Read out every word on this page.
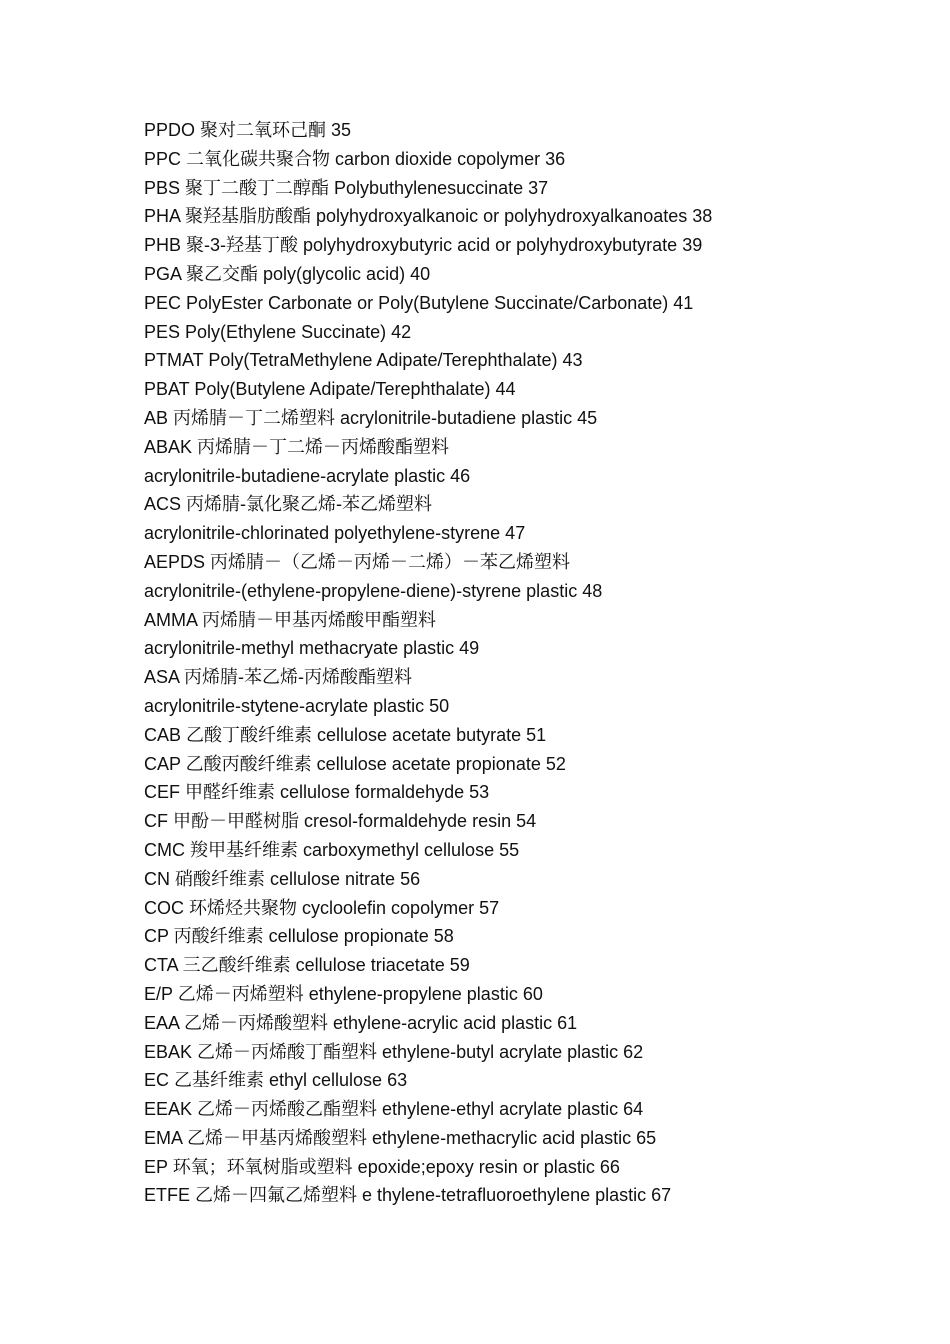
PPDO 聚对二氧环己酮 35
PPC 二氧化碳共聚合物 carbon dioxide copolymer 36
PBS 聚丁二酸丁二醇酯 Polybuthylenesuccinate 37
PHA 聚羟基脂肪酸酯 polyhydroxyalkanoic or polyhydroxyalkanoates 38
PHB 聚-3-羟基丁酸 polyhydroxybutyric acid or polyhydroxybutyrate 39
PGA 聚乙交酯 poly(glycolic acid) 40
PEC PolyEster Carbonate or Poly(Butylene Succinate/Carbonate) 41
PES Poly(Ethylene Succinate) 42
PTMAT Poly(TetraMethylene Adipate/Terephthalate) 43
PBAT Poly(Butylene Adipate/Terephthalate) 44
AB 丙烯腈－丁二烯塑料 acrylonitrile-butadiene plastic 45
ABAK 丙烯腈－丁二烯－丙烯酸酯塑料
acrylonitrile-butadiene-acrylate plastic 46
ACS 丙烯腈-氯化聚乙烯-苯乙烯塑料
acrylonitrile-chlorinated polyethylene-styrene 47
AEPDS 丙烯腈－（乙烯－丙烯－二烯）－苯乙烯塑料
acrylonitrile-(ethylene-propylene-diene)-styrene plastic 48
AMMA 丙烯腈－甲基丙烯酸甲酯塑料
acrylonitrile-methyl methacryate plastic 49
ASA 丙烯腈-苯乙烯-丙烯酸酯塑料
acrylonitrile-stytene-acrylate plastic 50
CAB 乙酸丁酸纤维素 cellulose acetate butyrate 51
CAP 乙酸丙酸纤维素 cellulose acetate propionate 52
CEF 甲醛纤维素 cellulose formaldehyde 53
CF 甲酚－甲醛树脂 cresol-formaldehyde resin 54
CMC 羧甲基纤维素 carboxymethyl cellulose 55
CN 硝酸纤维素 cellulose nitrate 56
COC 环烯烃共聚物 cycloolefin copolymer 57
CP 丙酸纤维素 cellulose propionate 58
CTA 三乙酸纤维素 cellulose triacetate 59
E/P 乙烯－丙烯塑料 ethylene-propylene plastic 60
EAA 乙烯－丙烯酸塑料 ethylene-acrylic acid plastic 61
EBAK 乙烯－丙烯酸丁酯塑料 ethylene-butyl acrylate plastic 62
EC 乙基纤维素 ethyl cellulose 63
EEAK 乙烯－丙烯酸乙酯塑料 ethylene-ethyl acrylate plastic 64
EMA 乙烯－甲基丙烯酸塑料 ethylene-methacrylic acid plastic 65
EP 环氧；环氧树脂或塑料 epoxide;epoxy resin or plastic 66
ETFE 乙烯－四氟乙烯塑料 e thylene-tetrafluoroethylene plastic 67
